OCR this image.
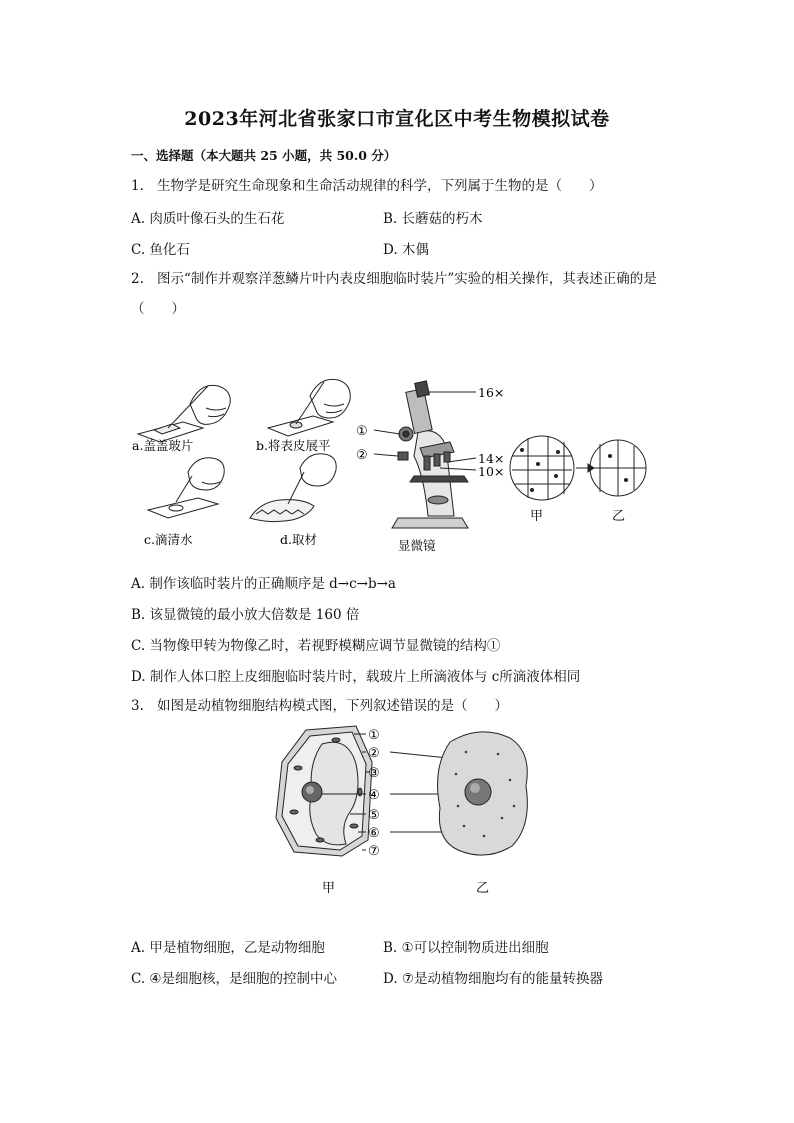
2023年河北省张家口市宣化区中考生物模拟试卷
一、选择题（本大题共 25 小题，共 50.0 分）
1. 生物学是研究生命现象和生命活动规律的科学，下列属于生物的是（　　）
A. 肉质叶像石头的生石花	B. 长蘑菇的朽木
C. 鱼化石	D. 木偶
2. 图示“制作并观察洋葱鳞片叶内表皮细胞临时装片”实验的相关操作，其表述正确的是
（　　）
a.盖盖玻片	b.将表皮展平
c.滴清水	d.取材
16×
14×
10×
①
②
显微镜
甲	乙
A. 制作该临时装片的正确顺序是 d→c→b→a
B. 该显微镜的最小放大倍数是 160 倍
C. 当物像甲转为物像乙时，若视野模糊应调节显微镜的结构①
D. 制作人体口腔上皮细胞临时装片时，载玻片上所滴液体与 c所滴液体相同
3. 如图是动植物细胞结构模式图，下列叙述错误的是（　　）
①
②
③
④
⑤
⑥
⑦
甲	乙
A. 甲是植物细胞，乙是动物细胞	B. ①可以控制物质进出细胞
C. ④是细胞核，是细胞的控制中心	D. ⑦是动植物细胞均有的能量转换器
